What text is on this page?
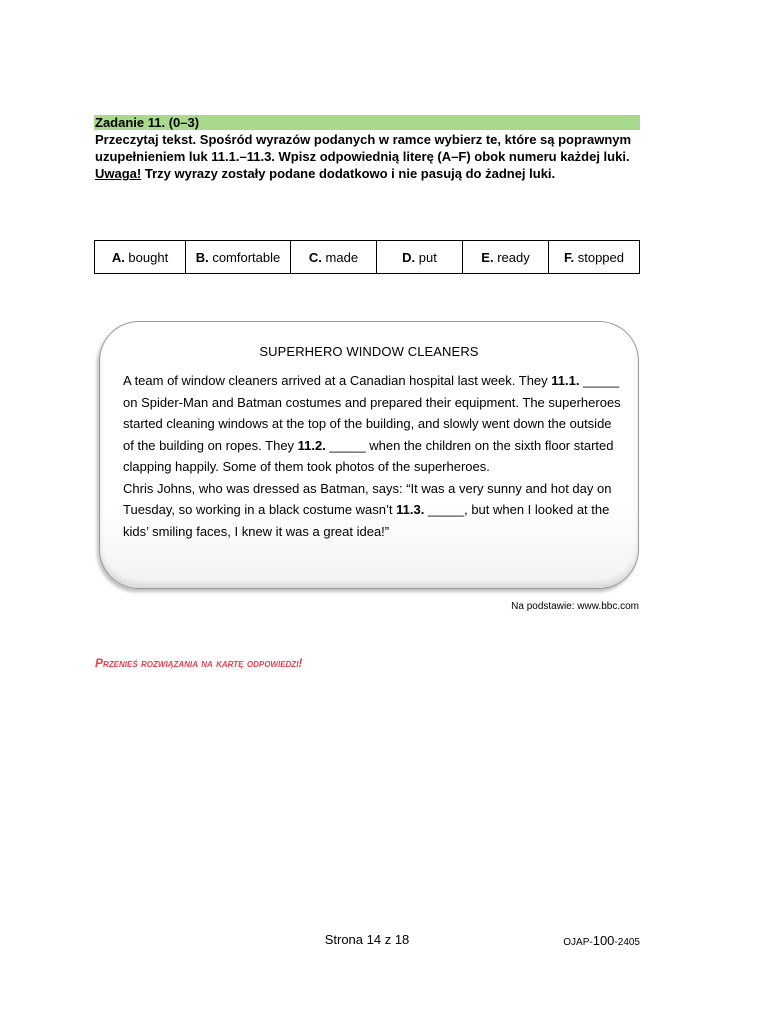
Zadanie 11. (0–3)

Przeczytaj tekst. Spośród wyrazów podanych w ramce wybierz te, które są poprawnym uzupełnieniem luk 11.1.–11.3. Wpisz odpowiednią literę (A–F) obok numeru każdej luki.

Uwaga! Trzy wyrazy zostały podane dodatkowo i nie pasują do żadnej luki.

A. bought	B. comfortable	C. made	D. put	E. ready	F. stopped
SUPERHERO WINDOW CLEANERS

A team of window cleaners arrived at a Canadian hospital last week. They 11.1. _____ on Spider-Man and Batman costumes and prepared their equipment. The superheroes started cleaning windows at the top of the building, and slowly went down the outside of the building on ropes. They 11.2. _____ when the children on the sixth floor started clapping happily. Some of them took photos of the superheroes.

Chris Johns, who was dressed as Batman, says: “It was a very sunny and hot day on Tuesday, so working in a black costume wasn’t 11.3. _____, but when I looked at the kids’ smiling faces, I knew it was a great idea!”

Na podstawie: www.bbc.com
Przenieś rozwiązania na kartę odpowiedzi!
Strona 14 z 18	OJAP-100-2405
